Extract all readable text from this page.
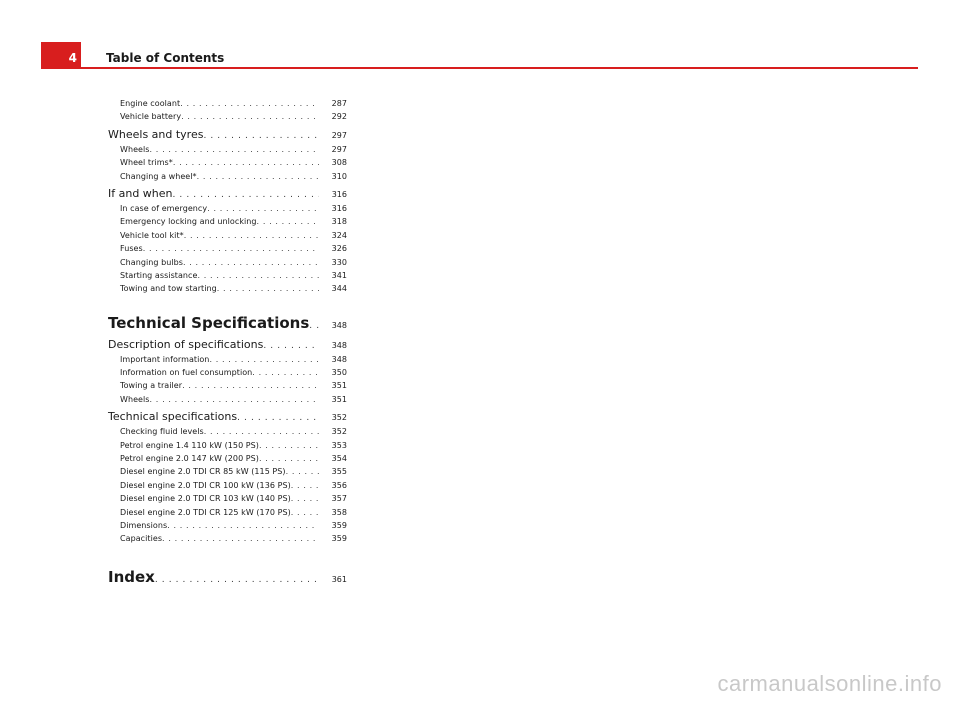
4	Table of Contents
Engine coolant . . .	287
Vehicle battery . . .	292
Wheels and tyres . . .	297
Wheels . . .	297
Wheel trims* . . .	308
Changing a wheel* . . .	310
If and when . . .	316
In case of emergency . . .	316
Emergency locking and unlocking . . .	318
Vehicle tool kit* . . .	324
Fuses . . .	326
Changing bulbs . . .	330
Starting assistance . . .	341
Towing and tow starting . . .	344
Technical Specifications . . .	348
Description of specifications . . .	348
Important information . . .	348
Information on fuel consumption . . .	350
Towing a trailer . . .	351
Wheels . . .	351
Technical specifications . . .	352
Checking fluid levels . . .	352
Petrol engine 1.4 110 kW (150 PS) . . .	353
Petrol engine 2.0 147 kW (200 PS) . . .	354
Diesel engine 2.0 TDI CR 85 kW (115 PS) . . .	355
Diesel engine 2.0 TDI CR 100 kW (136 PS) . . .	356
Diesel engine 2.0 TDI CR 103 kW (140 PS) . . .	357
Diesel engine 2.0 TDI CR 125 kW (170 PS) . . .	358
Dimensions . . .	359
Capacities . . .	359
Index . . .	361
carmanualsonline.info
